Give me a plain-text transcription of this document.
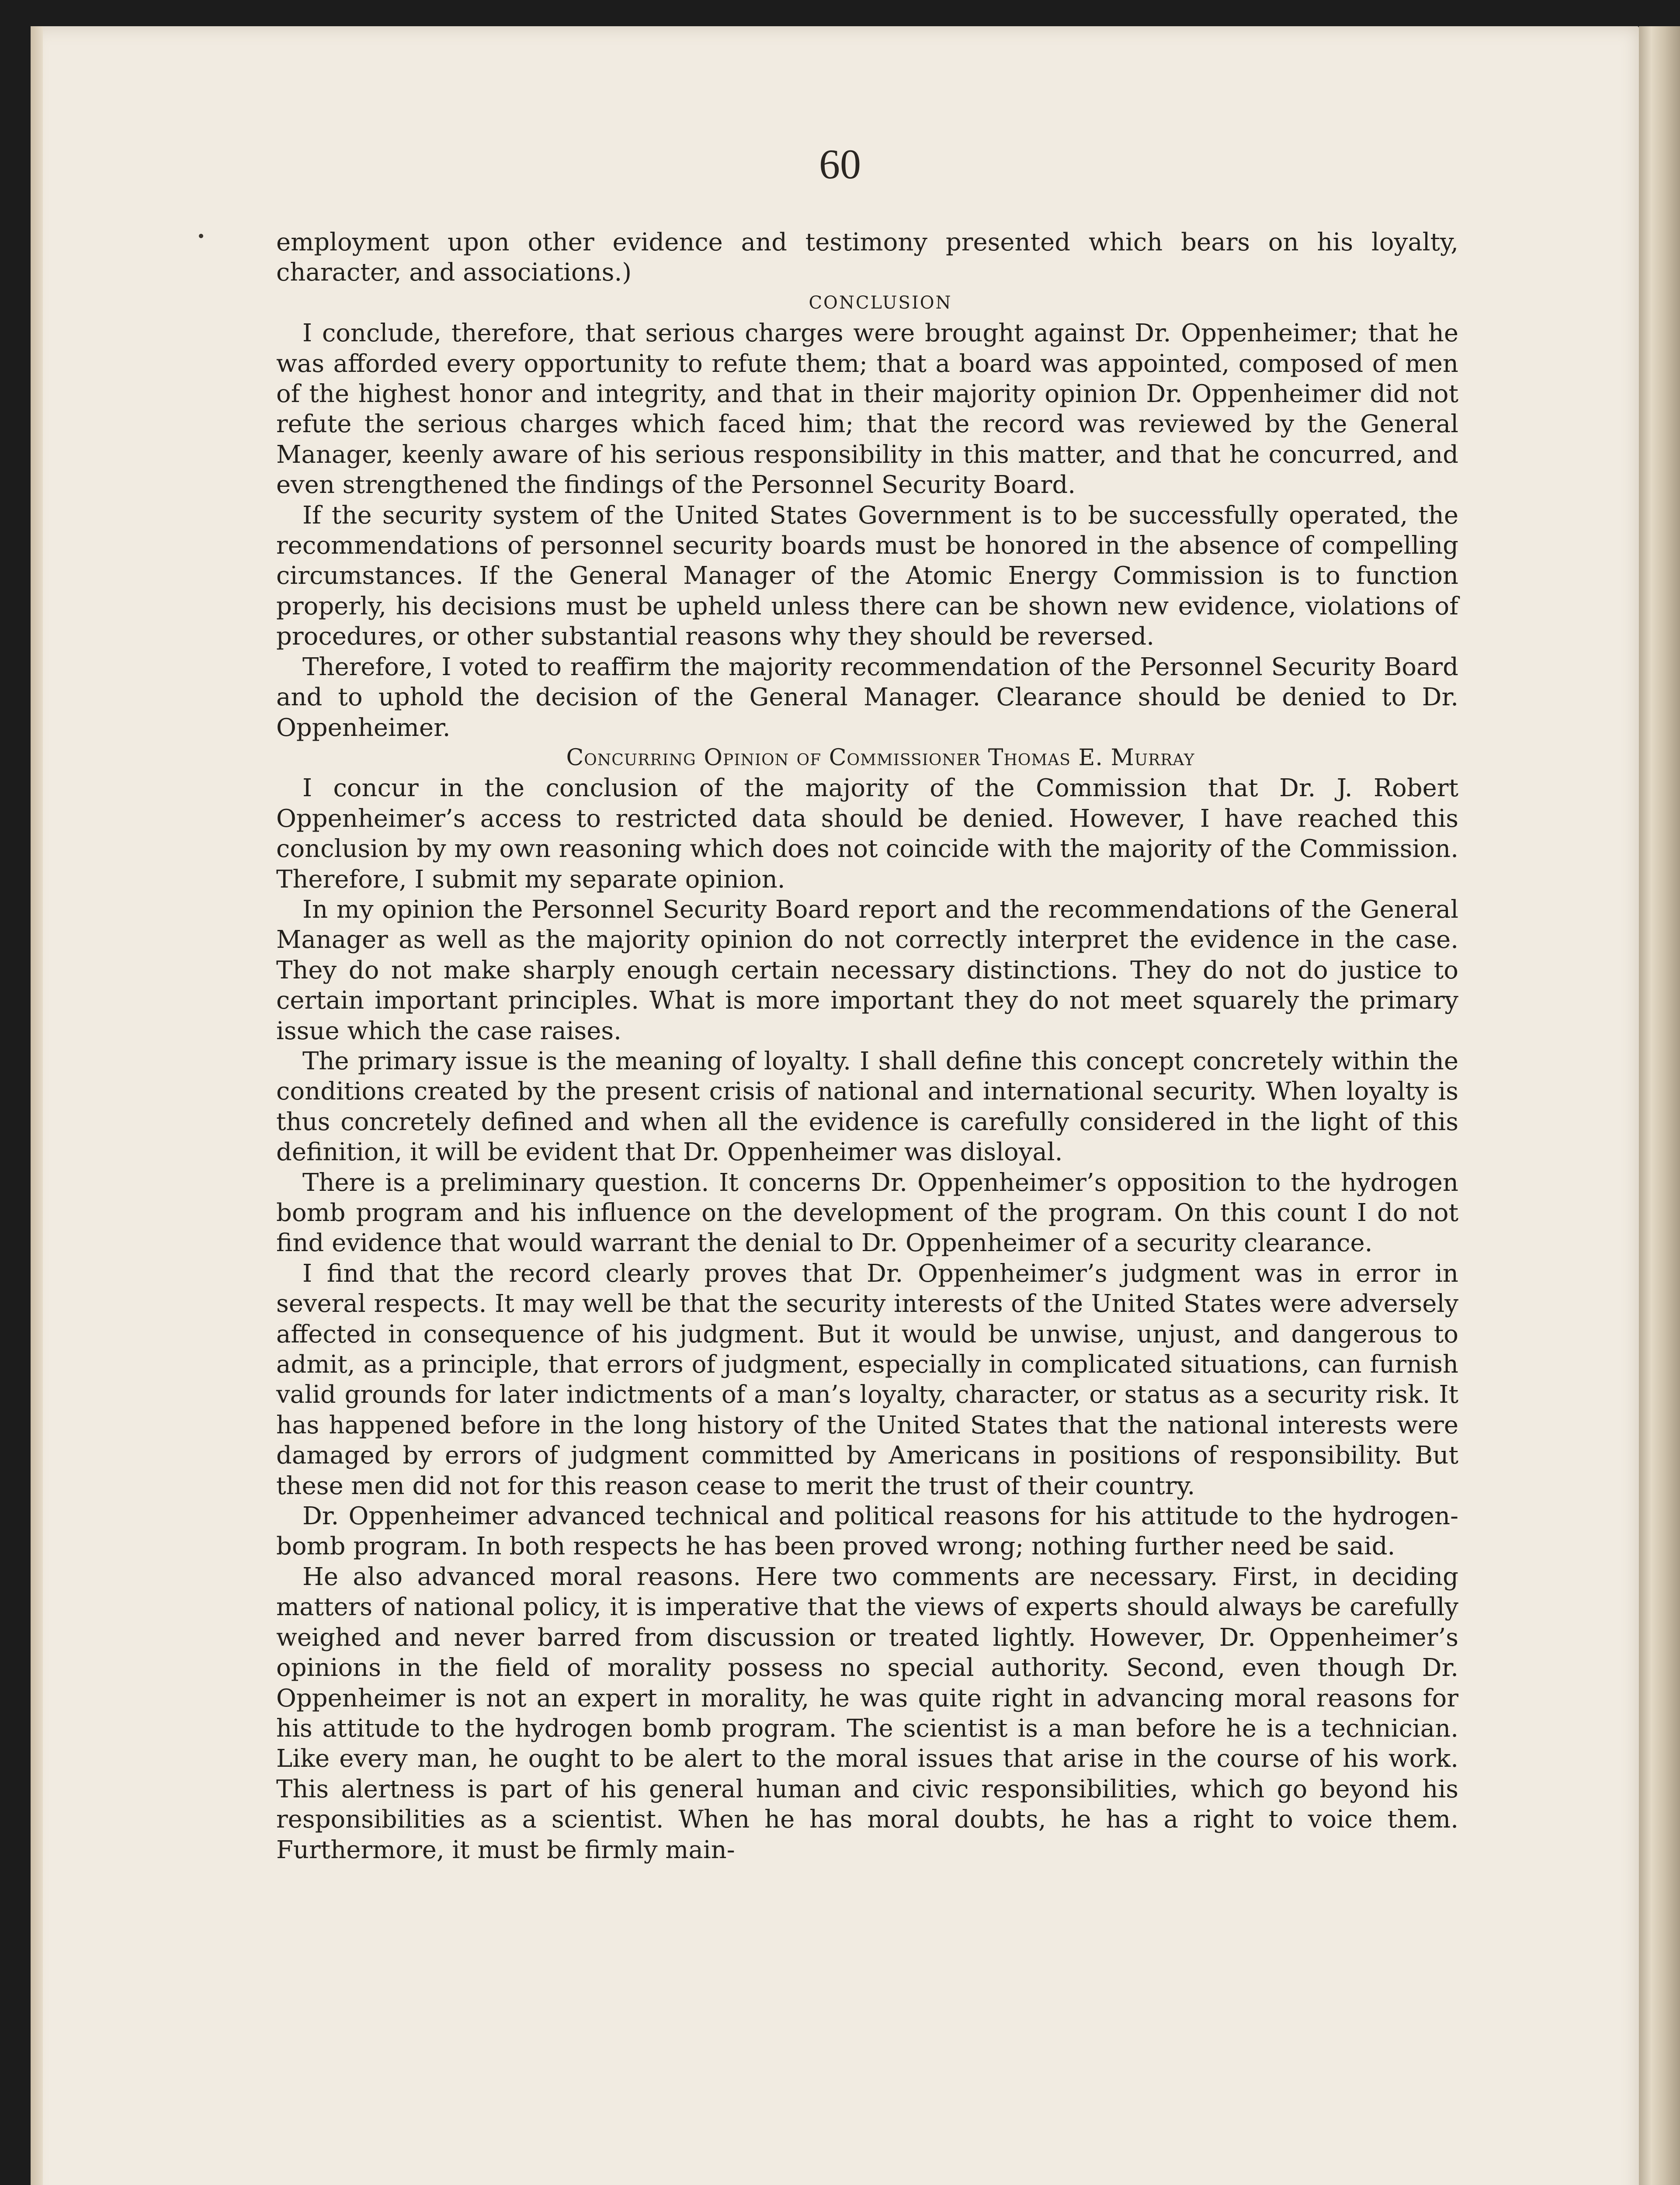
60

employment upon other evidence and testimony presented which bears on his loyalty, character, and associations.)

CONCLUSION

I conclude, therefore, that serious charges were brought against Dr. Oppenheimer; that he was afforded every opportunity to refute them; that a board was appointed, composed of men of the highest honor and integrity, and that in their majority opinion Dr. Oppenheimer did not refute the serious charges which faced him; that the record was reviewed by the General Manager, keenly aware of his serious responsibility in this matter, and that he concurred, and even strengthened the findings of the Personnel Security Board.

If the security system of the United States Government is to be successfully operated, the recommendations of personnel security boards must be honored in the absence of compelling circumstances. If the General Manager of the Atomic Energy Commission is to function properly, his decisions must be upheld unless there can be shown new evidence, violations of procedures, or other substantial reasons why they should be reversed.

Therefore, I voted to reaffirm the majority recommendation of the Personnel Security Board and to uphold the decision of the General Manager. Clearance should be denied to Dr. Oppenheimer.

Concurring Opinion of Commissioner Thomas E. Murray

I concur in the conclusion of the majority of the Commission that Dr. J. Robert Oppenheimer’s access to restricted data should be denied. However, I have reached this conclusion by my own reasoning which does not coincide with the majority of the Commission. Therefore, I submit my separate opinion.

In my opinion the Personnel Security Board report and the recommendations of the General Manager as well as the majority opinion do not correctly interpret the evidence in the case. They do not make sharply enough certain necessary distinctions. They do not do justice to certain important principles. What is more important they do not meet squarely the primary issue which the case raises.

The primary issue is the meaning of loyalty. I shall define this concept concretely within the conditions created by the present crisis of national and international security. When loyalty is thus concretely defined and when all the evidence is carefully considered in the light of this definition, it will be evident that Dr. Oppenheimer was disloyal.

There is a preliminary question. It concerns Dr. Oppenheimer’s opposition to the hydrogen bomb program and his influence on the development of the program. On this count I do not find evidence that would warrant the denial to Dr. Oppenheimer of a security clearance.

I find that the record clearly proves that Dr. Oppenheimer’s judgment was in error in several respects. It may well be that the security interests of the United States were adversely affected in consequence of his judgment. But it would be unwise, unjust, and dangerous to admit, as a principle, that errors of judgment, especially in complicated situations, can furnish valid grounds for later indictments of a man’s loyalty, character, or status as a security risk. It has happened before in the long history of the United States that the national interests were damaged by errors of judgment committed by Americans in positions of responsibility. But these men did not for this reason cease to merit the trust of their country.

Dr. Oppenheimer advanced technical and political reasons for his attitude to the hydrogen-bomb program. In both respects he has been proved wrong; nothing further need be said.

He also advanced moral reasons. Here two comments are necessary. First, in deciding matters of national policy, it is imperative that the views of experts should always be carefully weighed and never barred from discussion or treated lightly. However, Dr. Oppenheimer’s opinions in the field of morality possess no special authority. Second, even though Dr. Oppenheimer is not an expert in morality, he was quite right in advancing moral reasons for his attitude to the hydrogen bomb program. The scientist is a man before he is a technician. Like every man, he ought to be alert to the moral issues that arise in the course of his work. This alertness is part of his general human and civic responsibilities, which go beyond his responsibilities as a scientist. When he has moral doubts, he has a right to voice them. Furthermore, it must be firmly main-
